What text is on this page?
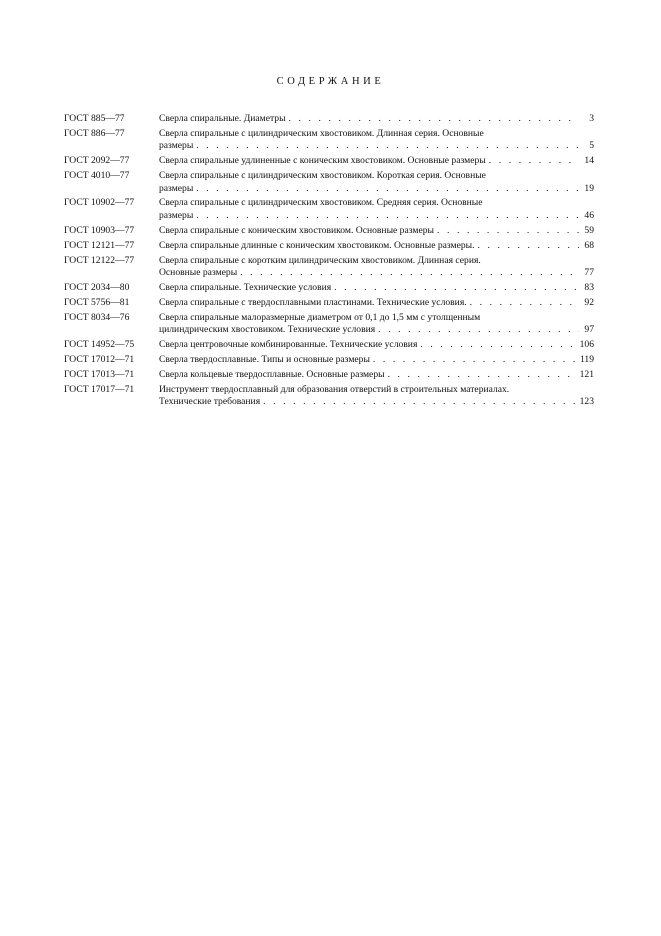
СОДЕРЖАНИЕ
ГОСТ 885—77	Сверла спиральные. Диаметры . . .	3
ГОСТ 886—77	Сверла спиральные с цилиндрическим хвостовиком. Длинная серия. Основные
размеры . . .	5
ГОСТ 2092—77	Сверла спиральные удлиненные с коническим хвостовиком. Основные размеры . . .	14
ГОСТ 4010—77	Сверла спиральные с цилиндрическим хвостовиком. Короткая серия. Основные
размеры . . .	19
ГОСТ 10902—77	Сверла спиральные с цилиндрическим хвостовиком. Средняя серия. Основные
размеры . . .	46
ГОСТ 10903—77	Сверла спиральные с коническим хвостовиком. Основные размеры . . .	59
ГОСТ 12121—77	Сверла спиральные длинные с коническим хвостовиком. Основные размеры. . . .	68
ГОСТ 12122—77	Сверла спиральные с коротким цилиндрическим хвостовиком. Длинная серия.
Основные размеры . . .	77
ГОСТ 2034—80	Сверла спиральные. Технические условия . . .	83
ГОСТ 5756—81	Сверла спиральные с твердосплавными пластинами. Технические условия. . . .	92
ГОСТ 8034—76	Сверла спиральные малоразмерные диаметром от 0,1 до 1,5 мм с утолщенным
цилиндрическим хвостовиком. Технические условия . . .	97
ГОСТ 14952—75	Сверла центровочные комбинированные. Технические условия . . .	106
ГОСТ 17012—71	Сверла твердосплавные. Типы и основные размеры . . .	119
ГОСТ 17013—71	Сверла кольцевые твердосплавные. Основные размеры . . .	121
ГОСТ 17017—71	Инструмент твердосплавный для образования отверстий в строительных материалах.
Технические требования . . .	123
